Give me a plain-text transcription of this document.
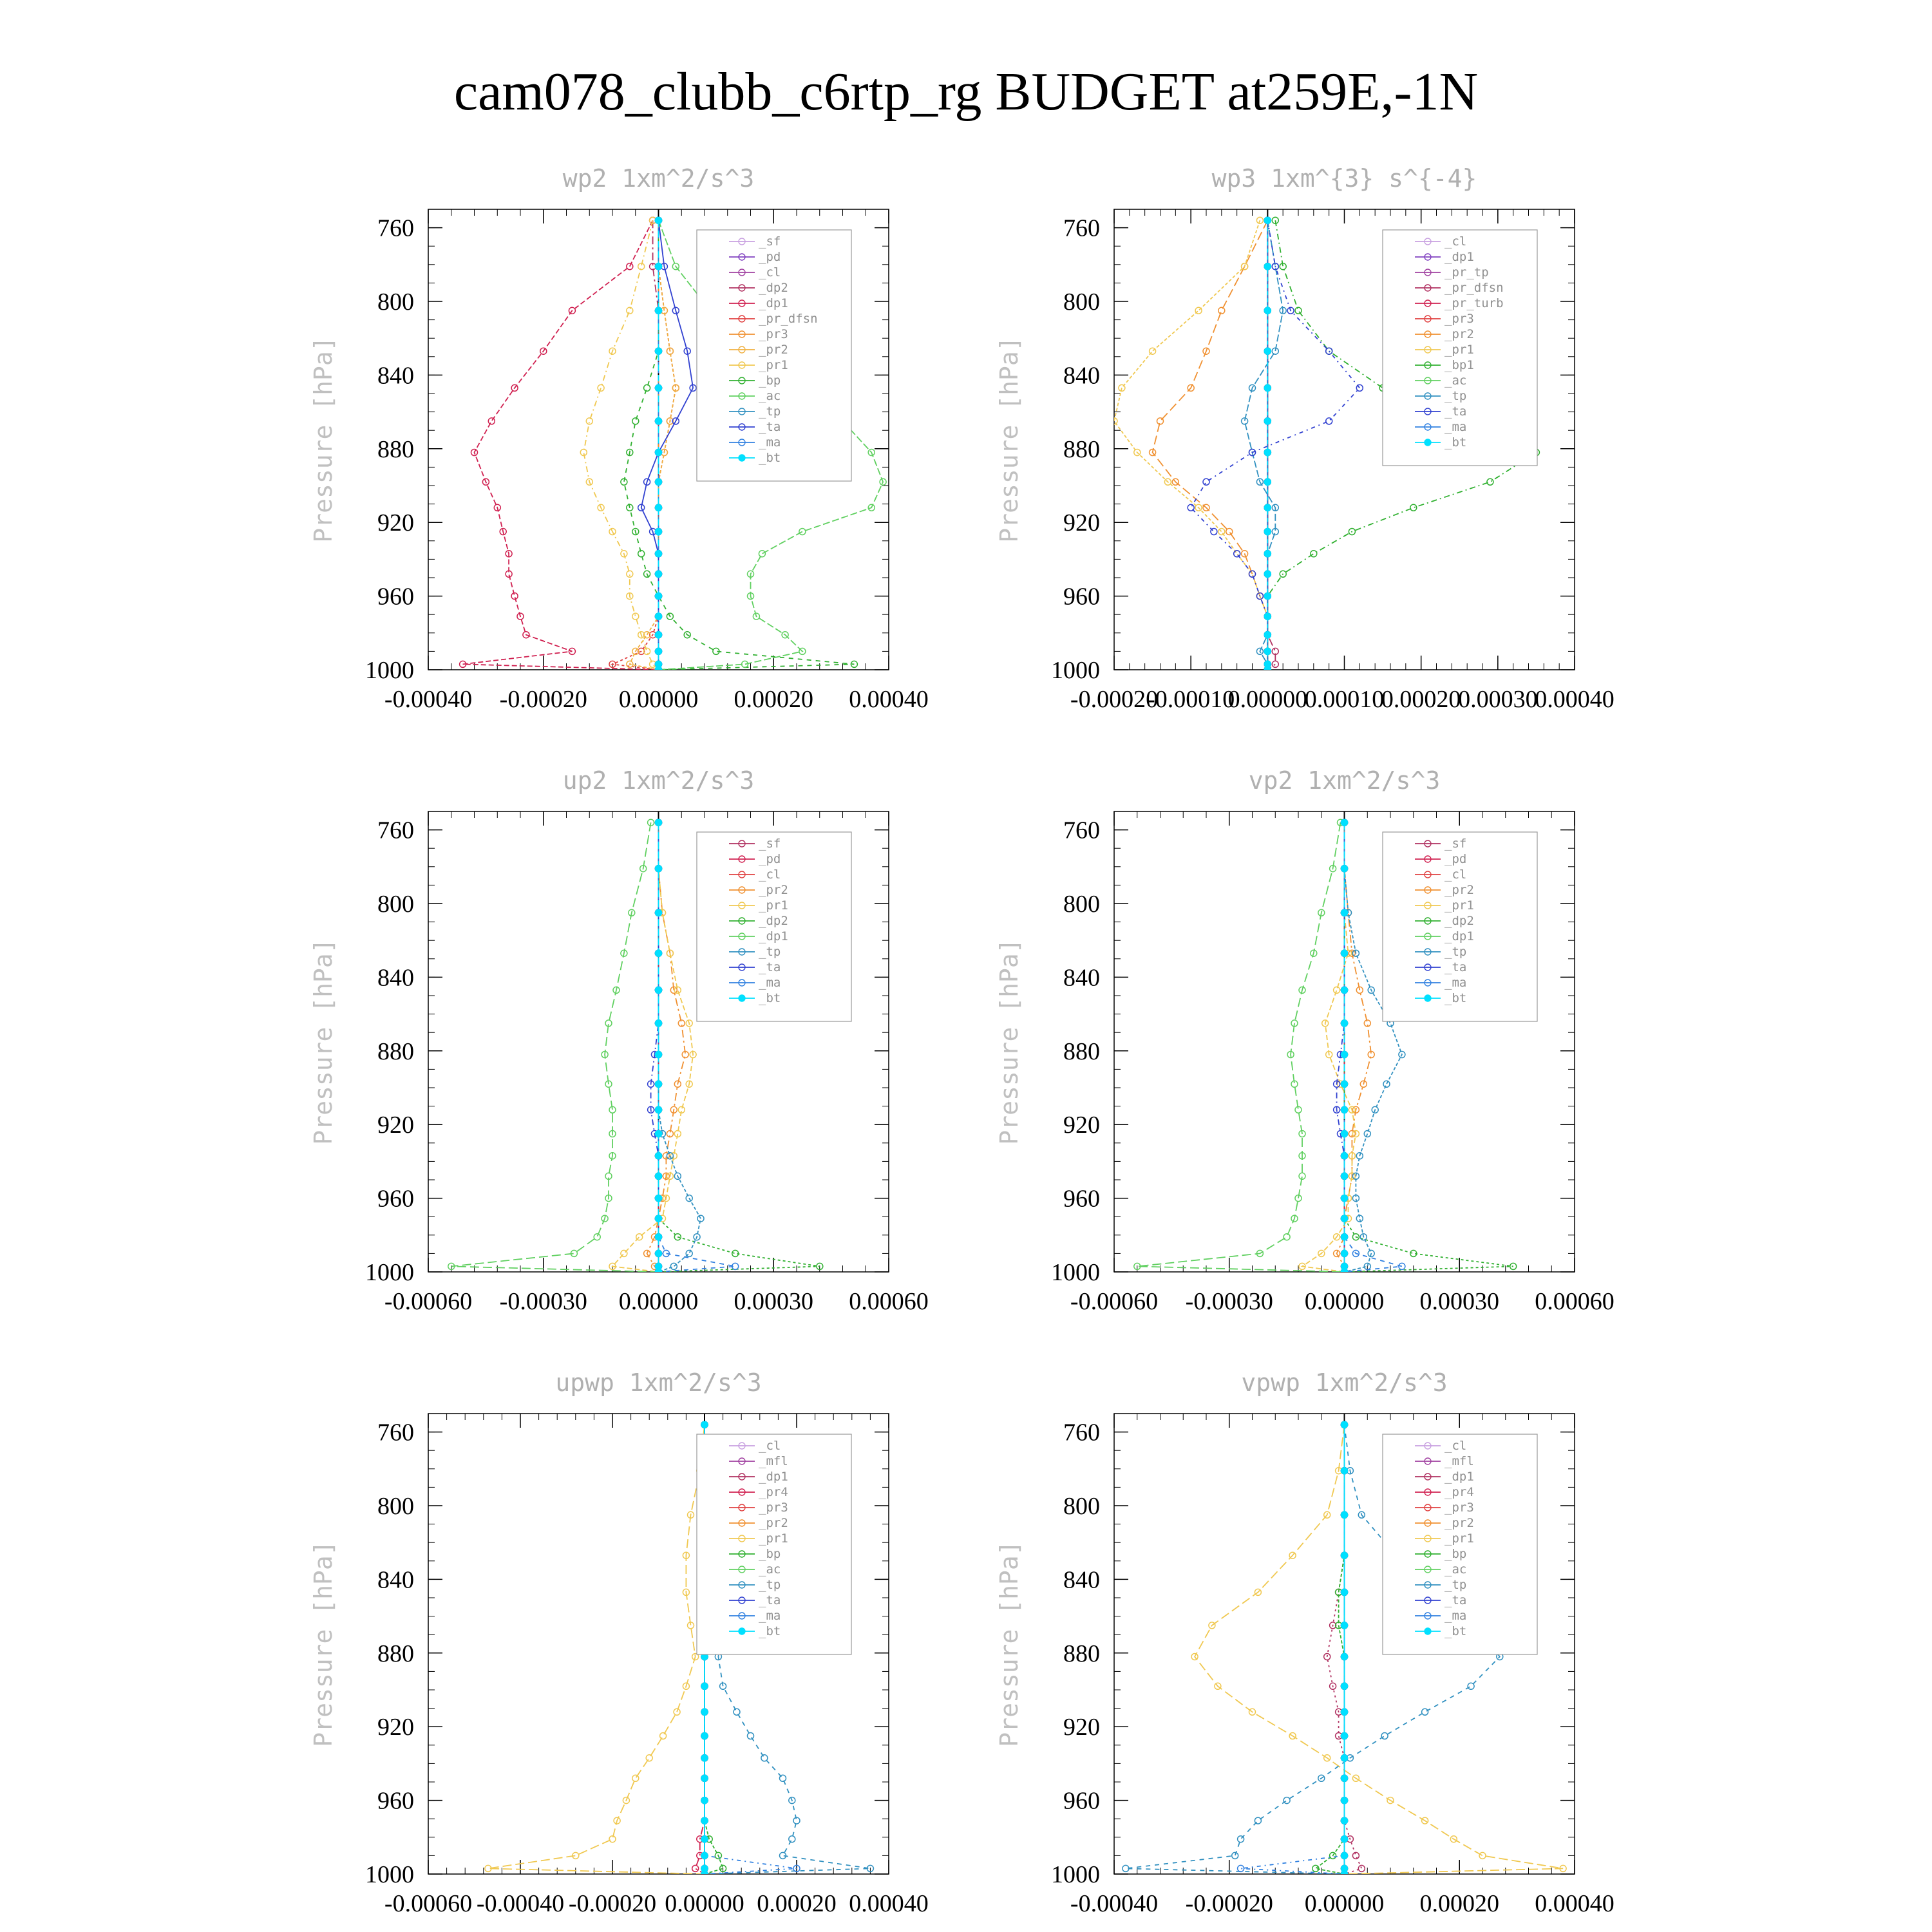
cam078_clubb_c6rtp_rg BUDGET at259E,-1N
wp2 1xm^2/s^3
Pressure [hPa]
760
800
840
880
920
960
1000
-0.00040 -0.00020 0.00000 0.00020 0.00040
_sf
_pd
_cl
_dp2
_dp1
_pr_dfsn
_pr3
_pr2
_pr1
_bp
_ac
_tp
_ta
_ma
_bt
wp3 1xm^{3} s^{-4}
Pressure [hPa]
760
800
840
880
920
960
1000
-0.00020
-0.00010
0.00000
0.00010
0.00020
0.00030
0.00040
_cl
_dp1
_pr_tp
_pr_dfsn
_pr_turb
_pr3
_pr2
_pr1
_bp1
_ac
_tp
_ta
_ma
_bt
up2 1xm^2/s^3
Pressure [hPa]
760
800
840
880
920
960
1000
-0.00060 -0.00030 0.00000 0.00030 0.00060
_sf
_pd
_cl
_pr2
_pr1
_dp2
_dp1
_tp
_ta
_ma
_bt
vp2 1xm^2/s^3
Pressure [hPa]
760
800
840
880
920
960
1000
-0.00060 -0.00030 0.00000 0.00030 0.00060
_sf
_pd
_cl
_pr2
_pr1
_dp2
_dp1
_tp
_ta
_ma
_bt
upwp 1xm^2/s^3
Pressure [hPa]
760
800
840
880
920
960
1000
-0.00060 -0.00040 -0.00020 0.00000 0.00020 0.00040
_cl
_mfl
_dp1
_pr4
_pr3
_pr2
_pr1
_bp
_ac
_tp
_ta
_ma
_bt
vpwp 1xm^2/s^3
Pressure [hPa]
760
800
840
880
920
960
1000
-0.00040 -0.00020 0.00000 0.00020 0.00040
_cl
_mfl
_dp1
_pr4
_pr3
_pr2
_pr1
_bp
_ac
_tp
_ta
_ma
_bt
